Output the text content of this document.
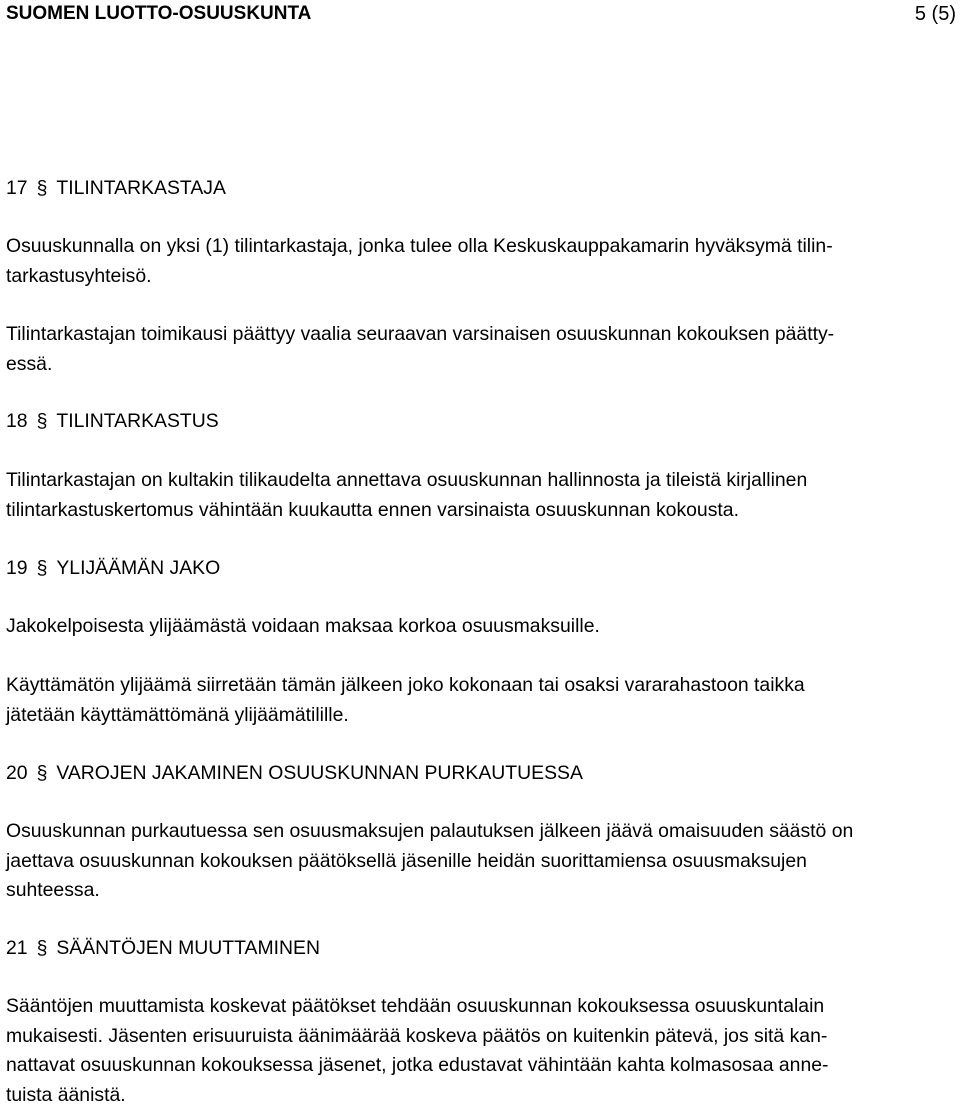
SUOMEN LUOTTO-OSUUSKUNTA	5 (5)
17 § TILINTARKASTAJA
Osuuskunnalla on yksi (1) tilintarkastaja, jonka tulee olla Keskuskauppakamarin hyväksymä tilin-
tarkastusyhteisö.
Tilintarkastajan toimikausi päättyy vaalia seuraavan varsinaisen osuuskunnan kokouksen päätty-
essä.
18 § TILINTARKASTUS
Tilintarkastajan on kultakin tilikaudelta annettava osuuskunnan hallinnosta ja tileistä kirjallinen
tilintarkastuskertomus vähintään kuukautta ennen varsinaista osuuskunnan kokousta.
19 § YLIJÄÄMÄN JAKO
Jakokelpoisesta ylijäämästä voidaan maksaa korkoa osuusmaksuille.
Käyttämätön ylijäämä siirretään tämän jälkeen joko kokonaan tai osaksi vararahastoon taikka
jätetään käyttämättömänä ylijäämätilille.
20 § VAROJEN JAKAMINEN OSUUSKUNNAN PURKAUTUESSA
Osuuskunnan purkautuessa sen osuusmaksujen palautuksen jälkeen jäävä omaisuuden säästö on
jaettava osuuskunnan kokouksen päätöksellä jäsenille heidän suorittamiensa osuusmaksujen
suhteessa.
21 § SÄÄNTÖJEN MUUTTAMINEN
Sääntöjen muuttamista koskevat päätökset tehdään osuuskunnan kokouksessa osuuskuntalain
mukaisesti. Jäsenten erisuuruista äänimäärää koskeva päätös on kuitenkin pätevä, jos sitä kan-
nattavat osuuskunnan kokouksessa jäsenet, jotka edustavat vähintään kahta kolmasosaa anne-
tuista äänistä.
